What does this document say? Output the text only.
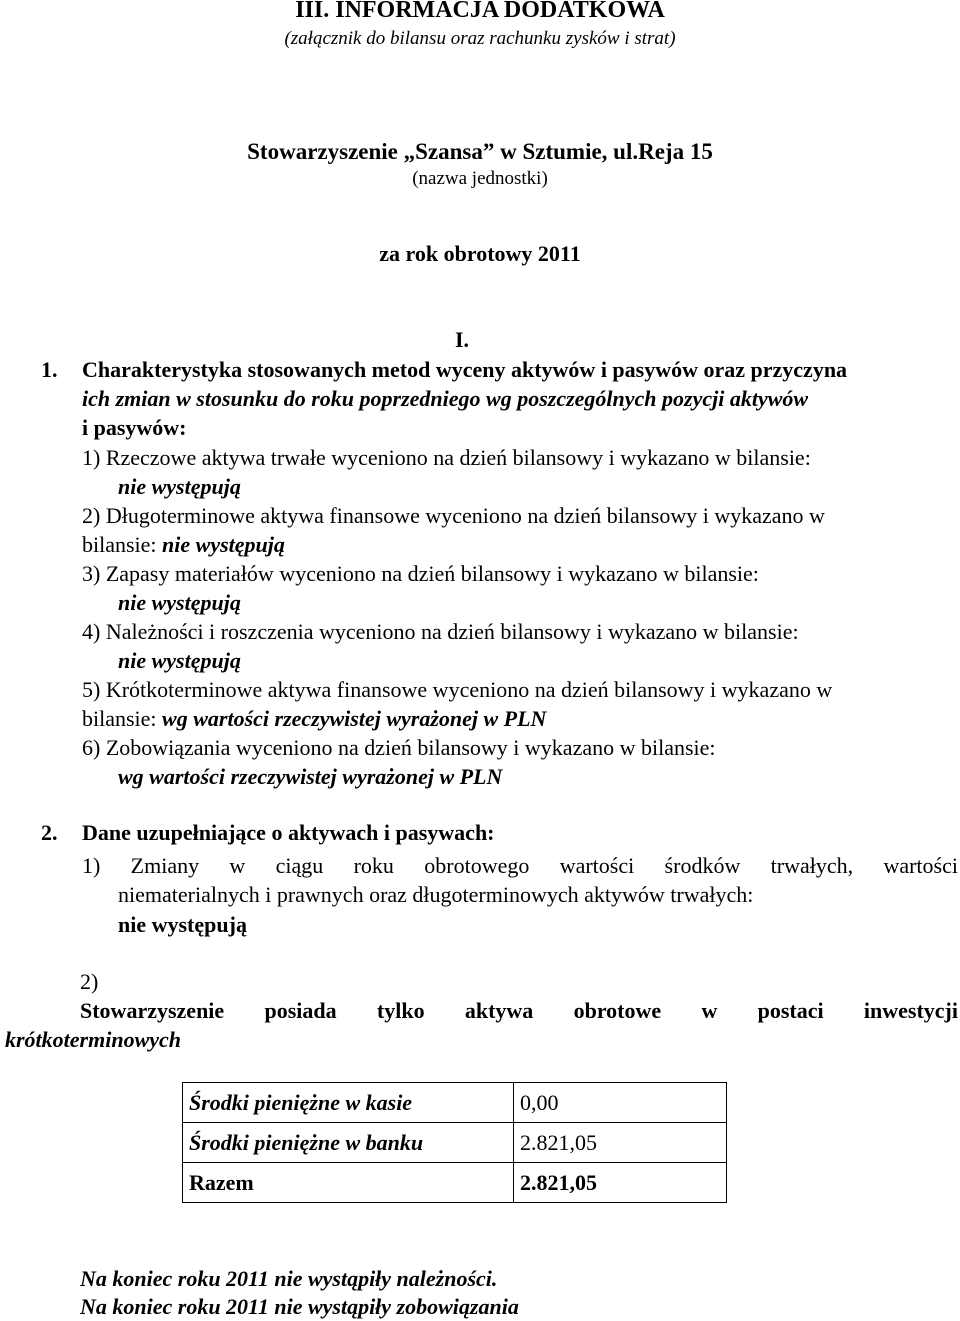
III. INFORMACJA DODATKOWA
(załącznik do bilansu oraz rachunku zysków i strat)
Stowarzyszenie „Szansa” w Sztumie, ul.Reja 15
(nazwa jednostki)
za rok obrotowy 2011
I.
1. Charakterystyka stosowanych metod wyceny aktywów i pasywów oraz przyczyna
ich zmian w stosunku do roku poprzedniego wg poszczególnych pozycji aktywów
i pasywów:
1) Rzeczowe aktywa trwałe wyceniono na dzień bilansowy i wykazano w bilansie:
nie występują
2) Długoterminowe aktywa finansowe wyceniono na dzień bilansowy i wykazano w
bilansie: nie występują
3) Zapasy materiałów wyceniono na dzień bilansowy i wykazano w bilansie:
nie występują
4) Należności i roszczenia wyceniono na dzień bilansowy i wykazano w bilansie:
nie występują
5) Krótkoterminowe aktywa finansowe wyceniono na dzień bilansowy i wykazano w
bilansie: wg wartości rzeczywistej wyrażonej w PLN
6) Zobowiązania wyceniono na dzień bilansowy i wykazano w bilansie:
wg wartości rzeczywistej wyrażonej w PLN
2. Dane uzupełniające o aktywach i pasywach:
1) Zmiany w ciągu roku obrotowego wartości środków trwałych, wartości
niematerialnych i prawnych oraz długoterminowych aktywów trwałych:
nie występują
2)
Stowarzyszenie posiada tylko aktywa obrotowe w postaci inwestycji
krótkoterminowych
Środki pieniężne w kasie	0,00
Środki pieniężne w banku	2.821,05
Razem	2.821,05
Na koniec roku 2011 nie wystąpiły należności.
Na koniec roku 2011 nie wystąpiły zobowiązania
